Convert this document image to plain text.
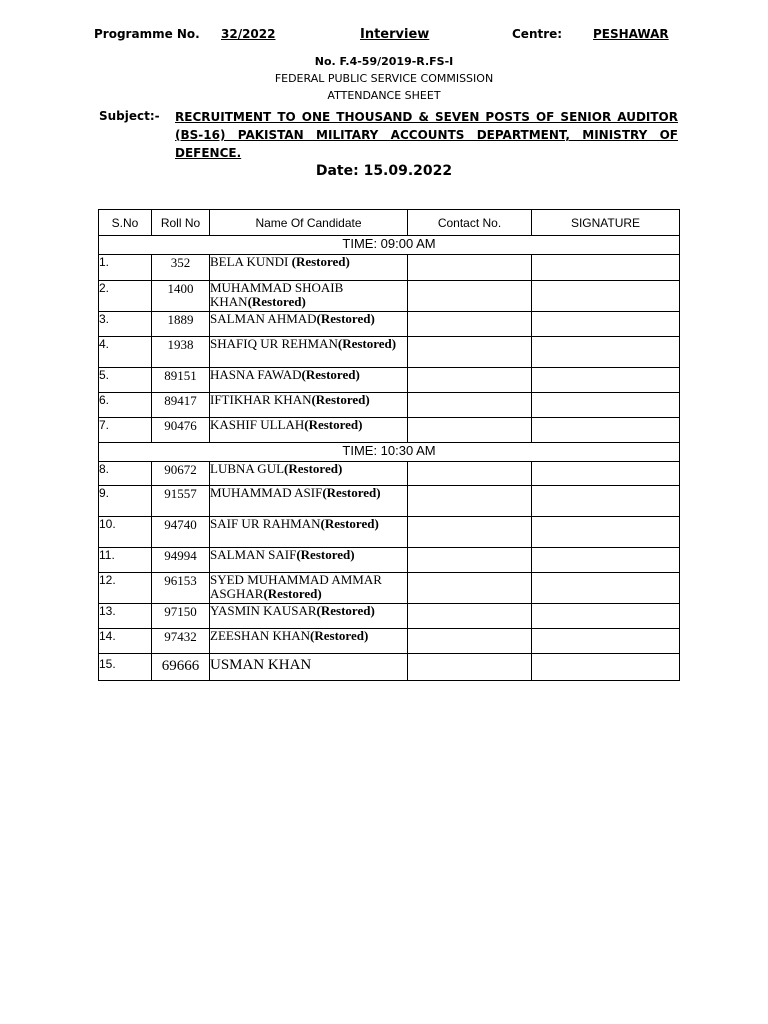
Programme No. 32/2022	Interview	Centre:	PESHAWAR
No. F.4-59/2019-R.FS-I
FEDERAL PUBLIC SERVICE COMMISSION
ATTENDANCE SHEET
Subject:- RECRUITMENT TO ONE THOUSAND & SEVEN POSTS OF SENIOR AUDITOR (BS-16) PAKISTAN MILITARY ACCOUNTS DEPARTMENT, MINISTRY OF DEFENCE.
Date: 15.09.2022
S.No	Roll No	Name Of Candidate	Contact No.	SIGNATURE
TIME: 09:00 AM				
1.	352	BELA KUNDI (Restored)		
2.	1400	MUHAMMAD SHOAIB KHAN(Restored)		
3.	1889	SALMAN AHMAD(Restored)		
4.	1938	SHAFIQ UR REHMAN(Restored)		
5.	89151	HASNA FAWAD(Restored)		
6.	89417	IFTIKHAR KHAN(Restored)		
7.	90476	KASHIF ULLAH(Restored)		
TIME: 10:30 AM				
8.	90672	LUBNA GUL(Restored)		
9.	91557	MUHAMMAD ASIF(Restored)		
10.	94740	SAIF UR RAHMAN(Restored)		
11.	94994	SALMAN SAIF(Restored)		
12.	96153	SYED MUHAMMAD AMMAR ASGHAR(Restored)		
13.	97150	YASMIN KAUSAR(Restored)		
14.	97432	ZEESHAN KHAN(Restored)		
15.	69666	USMAN KHAN		
